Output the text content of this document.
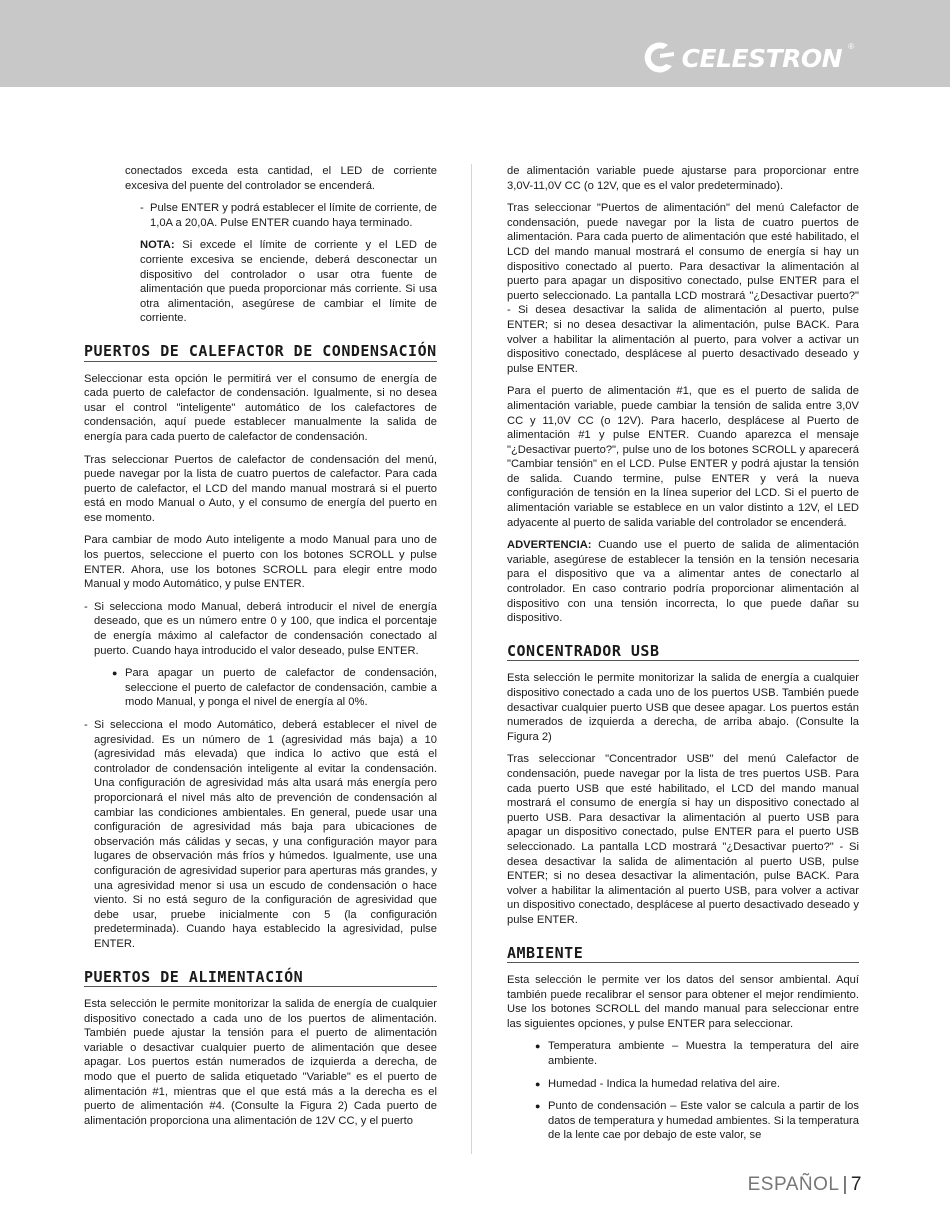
CELESTRON ®

conectados exceda esta cantidad, el LED de corriente excesiva del puente del controlador se encenderá.

- Pulse ENTER y podrá establecer el límite de corriente, de 1,0A a 20,0A. Pulse ENTER cuando haya terminado.

NOTA: Si excede el límite de corriente y el LED de corriente excesiva se enciende, deberá desconectar un dispositivo del controlador o usar otra fuente de alimentación que pueda proporcionar más corriente. Si usa otra alimentación, asegúrese de cambiar el límite de corriente.

PUERTOS DE CALEFACTOR DE CONDENSACIÓN

Seleccionar esta opción le permitirá ver el consumo de energía de cada puerto de calefactor de condensación. Igualmente, si no desea usar el control "inteligente" automático de los calefactores de condensación, aquí puede establecer manualmente la salida de energía para cada puerto de calefactor de condensación.

Tras seleccionar Puertos de calefactor de condensación del menú, puede navegar por la lista de cuatro puertos de calefactor. Para cada puerto de calefactor, el LCD del mando manual mostrará si el puerto está en modo Manual o Auto, y el consumo de energía del puerto en ese momento.

Para cambiar de modo Auto inteligente a modo Manual para uno de los puertos, seleccione el puerto con los botones SCROLL y pulse ENTER. Ahora, use los botones SCROLL para elegir entre modo Manual y modo Automático, y pulse ENTER.

- Si selecciona modo Manual, deberá introducir el nivel de energía deseado, que es un número entre 0 y 100, que indica el porcentaje de energía máximo al calefactor de condensación conectado al puerto. Cuando haya introducido el valor deseado, pulse ENTER.
● Para apagar un puerto de calefactor de condensación, seleccione el puerto de calefactor de condensación, cambie a modo Manual, y ponga el nivel de energía al 0%.
- Si selecciona el modo Automático, deberá establecer el nivel de agresividad. Es un número de 1 (agresividad más baja) a 10 (agresividad más elevada) que indica lo activo que está el controlador de condensación inteligente al evitar la condensación. Una configuración de agresividad más alta usará más energía pero proporcionará el nivel más alto de prevención de condensación al cambiar las condiciones ambientales. En general, puede usar una configuración de agresividad más baja para ubicaciones de observación más cálidas y secas, y una configuración mayor para lugares de observación más fríos y húmedos. Igualmente, use una configuración de agresividad superior para aperturas más grandes, y una agresividad menor si usa un escudo de condensación o hace viento. Si no está seguro de la configuración de agresividad que debe usar, pruebe inicialmente con 5 (la configuración predeterminada). Cuando haya establecido la agresividad, pulse ENTER.
PUERTOS DE ALIMENTACIÓN

Esta selección le permite monitorizar la salida de energía de cualquier dispositivo conectado a cada uno de los puertos de alimentación. También puede ajustar la tensión para el puerto de alimentación variable o desactivar cualquier puerto de alimentación que desee apagar. Los puertos están numerados de izquierda a derecha, de modo que el puerto de salida etiquetado "Variable" es el puerto de alimentación #1, mientras que el que está más a la derecha es el puerto de alimentación #4. (Consulte la Figura 2) Cada puerto de alimentación proporciona una alimentación de 12V CC, y el puerto

de alimentación variable puede ajustarse para proporcionar entre 3,0V-11,0V CC (o 12V, que es el valor predeterminado).

Tras seleccionar "Puertos de alimentación" del menú Calefactor de condensación, puede navegar por la lista de cuatro puertos de alimentación. Para cada puerto de alimentación que esté habilitado, el LCD del mando manual mostrará el consumo de energía si hay un dispositivo conectado al puerto. Para desactivar la alimentación al puerto para apagar un dispositivo conectado, pulse ENTER para el puerto seleccionado. La pantalla LCD mostrará "¿Desactivar puerto?" - Si desea desactivar la salida de alimentación al puerto, pulse ENTER; si no desea desactivar la alimentación, pulse BACK. Para volver a habilitar la alimentación al puerto, para volver a activar un dispositivo conectado, desplácese al puerto desactivado deseado y pulse ENTER.

Para el puerto de alimentación #1, que es el puerto de salida de alimentación variable, puede cambiar la tensión de salida entre 3,0V CC y 11,0V CC (o 12V). Para hacerlo, desplácese al Puerto de alimentación #1 y pulse ENTER. Cuando aparezca el mensaje "¿Desactivar puerto?", pulse uno de los botones SCROLL y aparecerá "Cambiar tensión" en el LCD. Pulse ENTER y podrá ajustar la tensión de salida. Cuando termine, pulse ENTER y verá la nueva configuración de tensión en la línea superior del LCD. Si el puerto de alimentación variable se establece en un valor distinto a 12V, el LED adyacente al puerto de salida variable del controlador se encenderá.

ADVERTENCIA: Cuando use el puerto de salida de alimentación variable, asegúrese de establecer la tensión en la tensión necesaria para el dispositivo que va a alimentar antes de conectarlo al controlador. En caso contrario podría proporcionar alimentación al dispositivo con una tensión incorrecta, lo que puede dañar su dispositivo.

CONCENTRADOR USB

Esta selección le permite monitorizar la salida de energía a cualquier dispositivo conectado a cada uno de los puertos USB. También puede desactivar cualquier puerto USB que desee apagar. Los puertos están numerados de izquierda a derecha, de arriba abajo. (Consulte la Figura 2)

Tras seleccionar "Concentrador USB" del menú Calefactor de condensación, puede navegar por la lista de tres puertos USB. Para cada puerto USB que esté habilitado, el LCD del mando manual mostrará el consumo de energía si hay un dispositivo conectado al puerto USB. Para desactivar la alimentación al puerto USB para apagar un dispositivo conectado, pulse ENTER para el puerto USB seleccionado. La pantalla LCD mostrará "¿Desactivar puerto?" - Si desea desactivar la salida de alimentación al puerto USB, pulse ENTER; si no desea desactivar la alimentación, pulse BACK. Para volver a habilitar la alimentación al puerto USB, para volver a activar un dispositivo conectado, desplácese al puerto desactivado deseado y pulse ENTER.

AMBIENTE

Esta selección le permite ver los datos del sensor ambiental. Aquí también puede recalibrar el sensor para obtener el mejor rendimiento. Use los botones SCROLL del mando manual para seleccionar entre las siguientes opciones, y pulse ENTER para seleccionar.

● Temperatura ambiente – Muestra la temperatura del aire ambiente.
● Humedad - Indica la humedad relativa del aire.
● Punto de condensación – Este valor se calcula a partir de los datos de temperatura y humedad ambientes. Si la temperatura de la lente cae por debajo de este valor, se
ESPAÑOL | 7
